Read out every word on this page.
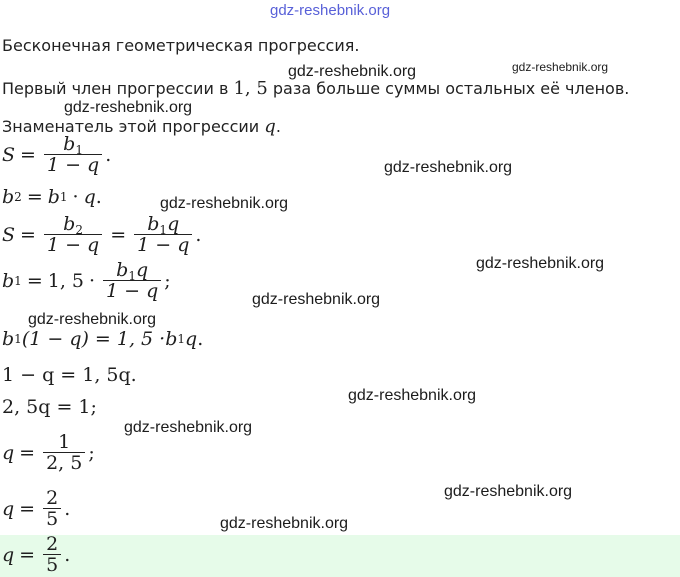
gdz-reshebnik.org
gdz-reshebnik.org	gdz-reshebnik.org
gdz-reshebnik.org
gdz-reshebnik.org
gdz-reshebnik.org
gdz-reshebnik.org
gdz-reshebnik.org
gdz-reshebnik.org
gdz-reshebnik.org
gdz-reshebnik.org
gdz-reshebnik.org
gdz-reshebnik.org
Бесконечная геометрическая прогрессия.
Первый член прогрессии в 1, 5 раза больше суммы остальных её членов.
Знаменатель этой прогрессии q.
$S = \frac{b_1}{1 - q}$ .
b 2 = b 1 · q .
$S = \frac{b_2}{1 - q} = \frac{b_1q}{1 - q}$ .
b 1 = 1, $5 \cdot \frac{b_1q}{1 - q}$ ;
b 1 (1 − q) = 1, 5 · b 1 q .
1 − q = 1, 5q.
2, 5q = 1;
$q = \frac{1}{2, 5}$ ;
$q = \frac{2}{5}$ .
$q = \frac{2}{5}$ .
